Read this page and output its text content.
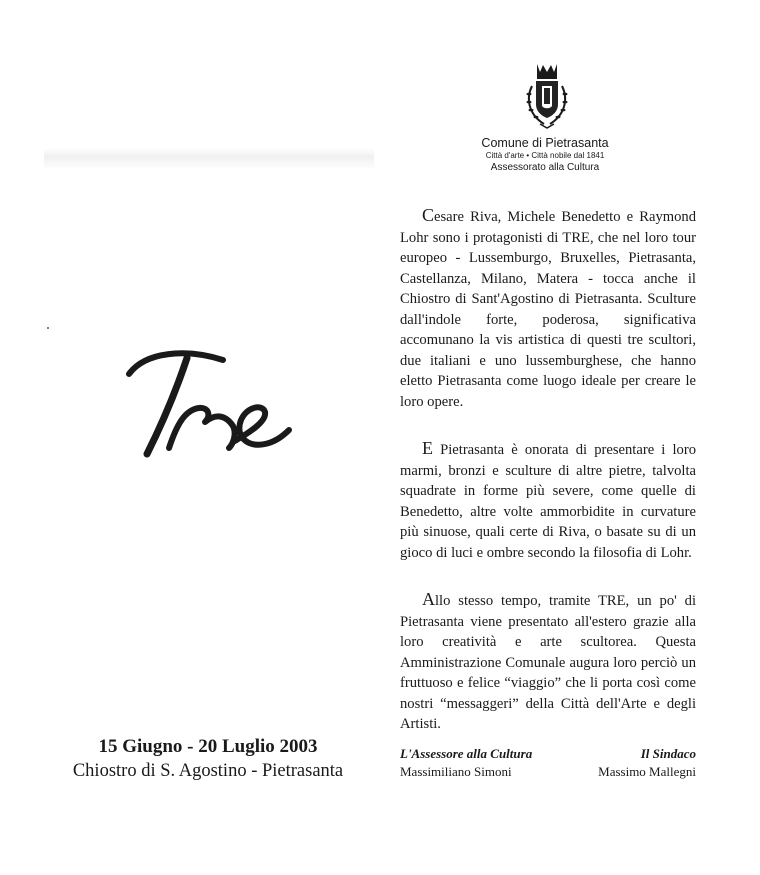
15 Giugno - 20 Luglio 2003
Chiostro di S. Agostino - Pietrasanta
Comune di Pietrasanta
Città d'arte • Città nobile dal 1841
Assessorato alla Cultura

Cesare Riva, Michele Benedetto e Raymond Lohr sono i protagonisti di TRE, che nel loro tour europeo - Lussemburgo, Bruxelles, Pietrasanta, Castellanza, Milano, Matera - tocca anche il Chiostro di Sant'Agostino di Pietrasanta. Sculture dall'indole forte, poderosa, significativa accomunano la vis artistica di questi tre scultori, due italiani e uno lussemburghese, che hanno eletto Pietrasanta come luogo ideale per creare le loro opere.

E Pietrasanta è onorata di presentare i loro marmi, bronzi e sculture di altre pietre, talvolta squadrate in forme più severe, come quelle di Benedetto, altre volte ammorbidite in curvature più sinuose, quali certe di Riva, o basate su di un gioco di luci e ombre secondo la filosofia di Lohr.

Allo stesso tempo, tramite TRE, un po' di Pietrasanta viene presentato all'estero grazie alla loro creatività e arte scultorea. Questa Amministrazione Comunale augura loro perciò un fruttuoso e felice “viaggio” che li porta così come nostri “messaggeri” della Città dell'Arte e degli Artisti.

L'Assessore alla Cultura
Massimiliano Simoni
Il Sindaco
Massimo Mallegni
